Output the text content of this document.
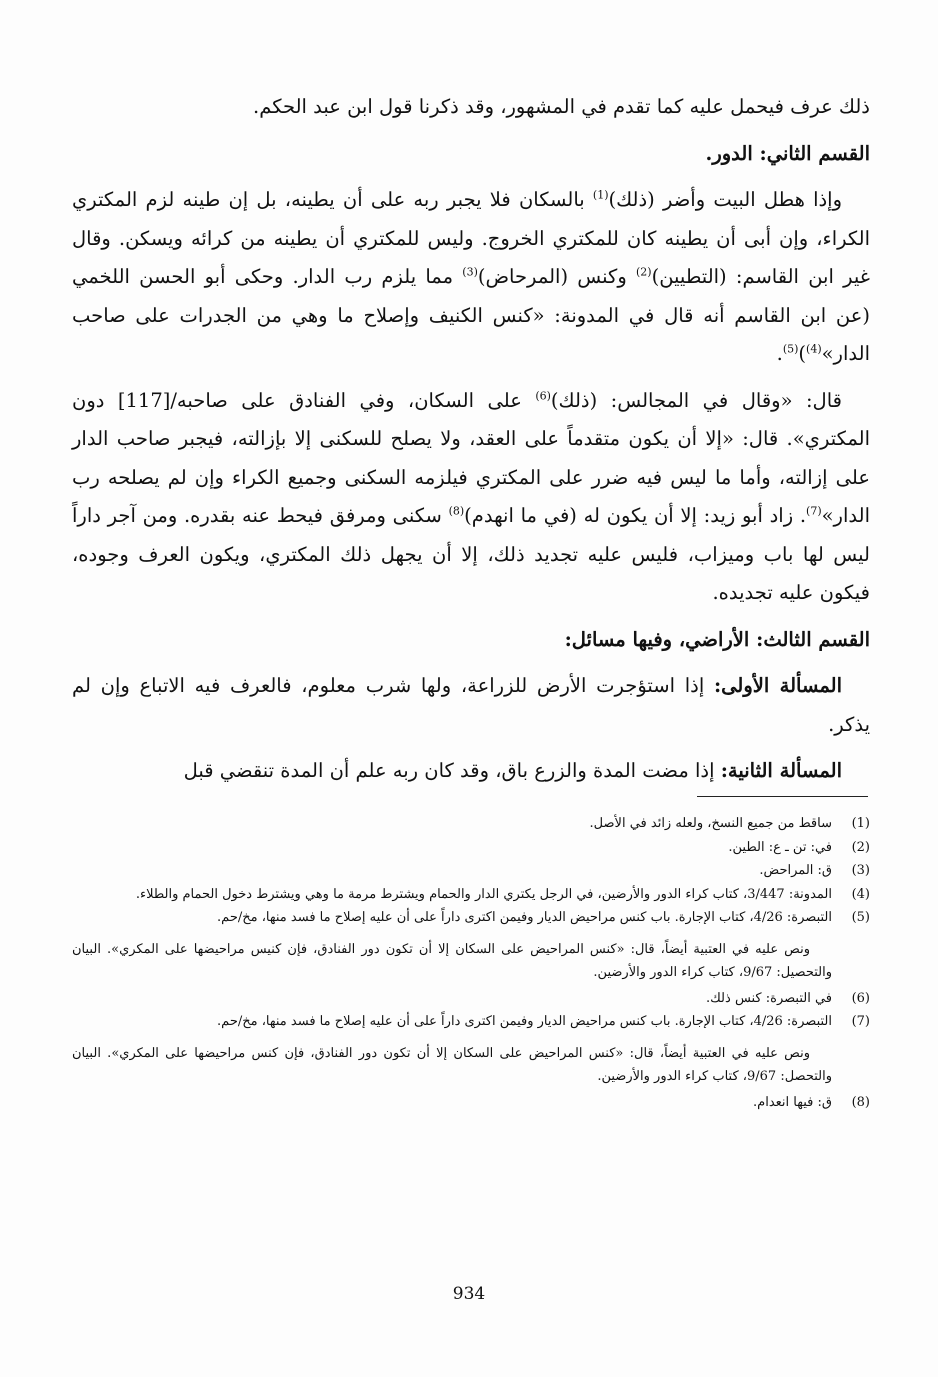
ذلك عرف فيحمل عليه كما تقدم في المشهور، وقد ذكرنا قول ابن عبد الحكم.

القسم الثاني: الدور.

وإذا هطل البيت وأضر (ذلك)$^{(1)}$ بالسكان فلا يجبر ربه على أن يطينه، بل إن طينه لزم المكتري الكراء، وإن أبى أن يطينه كان للمكتري الخروج. وليس للمكتري أن يطينه من كرائه ويسكن. وقال غير ابن القاسم: (التطيين)$^{(2)}$ وكنس (المرحاض)$^{(3)}$ مما يلزم رب الدار. وحكى أبو الحسن اللخمي (عن ابن القاسم أنه قال في المدونة: «كنس الكنيف وإصلاح ما وهي من الجدرات على صاحب الدار»$^{(4)}$)$^{(5)}$.

قال: «وقال في المجالس: (ذلك)$^{(6)}$ على السكان، وفي الفنادق على صاحبه/[117] دون المكتري». قال: «إلا أن يكون متقدماً على العقد، ولا يصلح للسكنى إلا بإزالته، فيجبر صاحب الدار على إزالته، وأما ما ليس فيه ضرر على المكتري فيلزمه السكنى وجميع الكراء وإن لم يصلحه رب الدار»$^{(7)}$. زاد أبو زيد: إلا أن يكون له (في ما انهدم)$^{(8)}$ سكنى ومرفق فيحط عنه بقدره. ومن آجر داراً ليس لها باب وميزاب، فليس عليه تجديد ذلك، إلا أن يجهل ذلك المكتري، ويكون العرف وجوده، فيكون عليه تجديده.

القسم الثالث: الأراضي، وفيها مسائل:

المسألة الأولى: إذا استؤجرت الأرض للزراعة، ولها شرب معلوم، فالعرف فيه الاتباع وإن لم يذكر.

المسألة الثانية: إذا مضت المدة والزرع باق، وقد كان ربه علم أن المدة تنقضي قبل

(1)
ساقط من جميع النسخ، ولعله زائد في الأصل.
(2)
في: تن ـ ع: الطين.
(3)
ق: المراحض.
(4)
المدونة: 3/447، كتاب كراء الدور والأرضين، في الرجل يكتري الدار والحمام ويشترط مرمة ما وهي ويشترط دخول الحمام والطلاء.
(5)
التبصرة: 4/26، كتاب الإجارة. باب كنس مراحيض الديار وفيمن اكترى داراً على أن عليه إصلاح ما فسد منها، مخ/حم.
ونص عليه في العتبية أيضاً، قال: «كنس المراحيض على السكان إلا أن تكون دور الفنادق، فإن كنيس مراحيضها على المكري». البيان والتحصيل: 9/67، كتاب كراء الدور والأرضين.
(6)
في التبصرة: كنس ذلك.
(7)
التبصرة: 4/26، كتاب الإجارة. باب كنس مراحيض الديار وفيمن اكترى داراً على أن عليه إصلاح ما فسد منها، مخ/حم.
ونص عليه في العتبية أيضاً، قال: «كنس المراحيض على السكان إلا أن تكون دور الفنادق، فإن كنس مراحيضها على المكري». البيان والتحصل: 9/67، كتاب كراء الدور والأرضين.
(8)
ق: فيها انعدام.
934
